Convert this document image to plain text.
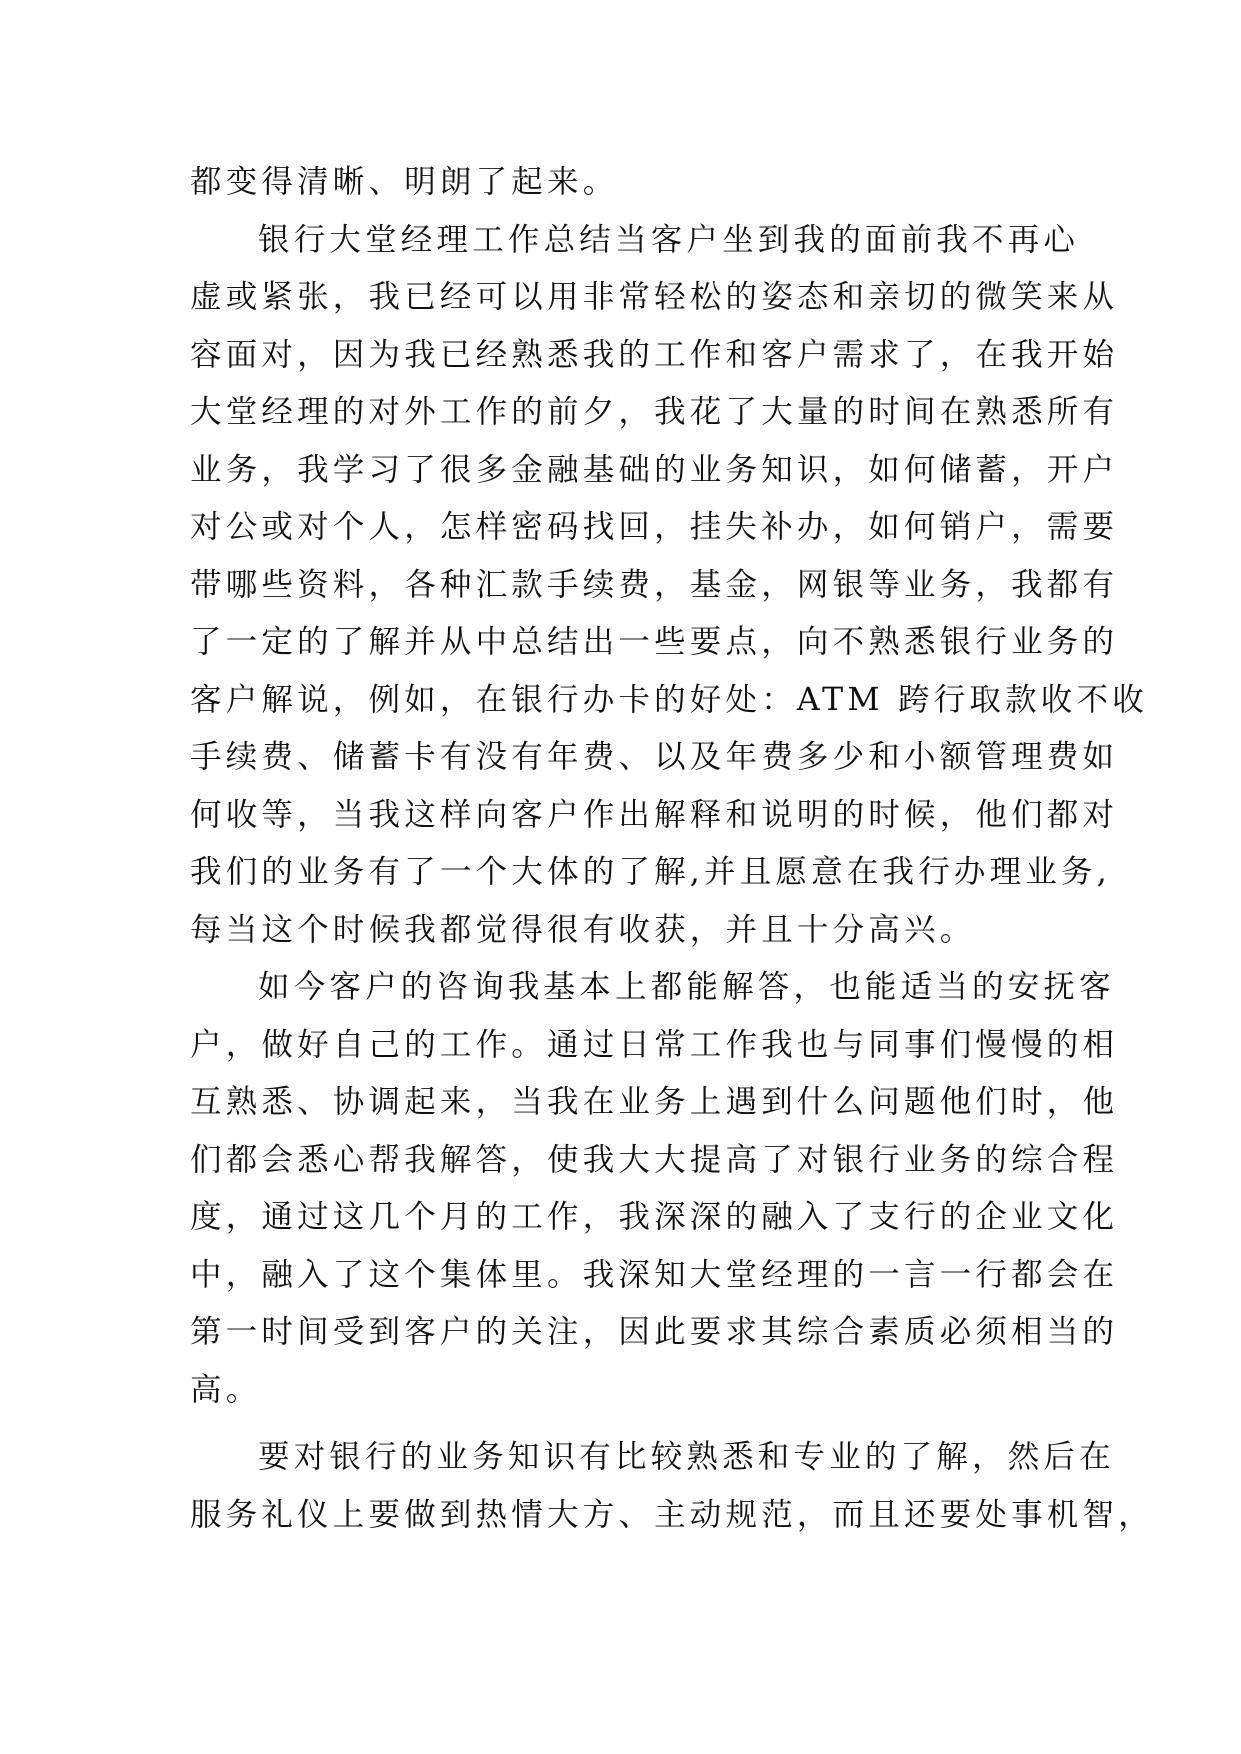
都变得清晰、明朗了起来。
银行大堂经理工作总结当客户坐到我的面前我不再心
虚或紧张，我已经可以用非常轻松的姿态和亲切的微笑来从
容面对，因为我已经熟悉我的工作和客户需求了，在我开始
大堂经理的对外工作的前夕，我花了大量的时间在熟悉所有
业务，我学习了很多金融基础的业务知识，如何储蓄，开户
对公或对个人，怎样密码找回，挂失补办，如何销户，需要
带哪些资料，各种汇款手续费，基金，网银等业务，我都有
了一定的了解并从中总结出一些要点，向不熟悉银行业务的
客户解说，例如，在银行办卡的好处：ATM 跨行取款收不收
手续费、储蓄卡有没有年费、以及年费多少和小额管理费如
何收等，当我这样向客户作出解释和说明的时候，他们都对
我们的业务有了一个大体的了解,并且愿意在我行办理业务,
每当这个时候我都觉得很有收获，并且十分高兴。
如今客户的咨询我基本上都能解答，也能适当的安抚客
户，做好自己的工作。通过日常工作我也与同事们慢慢的相
互熟悉、协调起来，当我在业务上遇到什么问题他们时，他
们都会悉心帮我解答，使我大大提高了对银行业务的综合程
度，通过这几个月的工作，我深深的融入了支行的企业文化
中，融入了这个集体里。我深知大堂经理的一言一行都会在
第一时间受到客户的关注，因此要求其综合素质必须相当的
高。
要对银行的业务知识有比较熟悉和专业的了解，然后在
服务礼仪上要做到热情大方、主动规范，而且还要处事机智，
